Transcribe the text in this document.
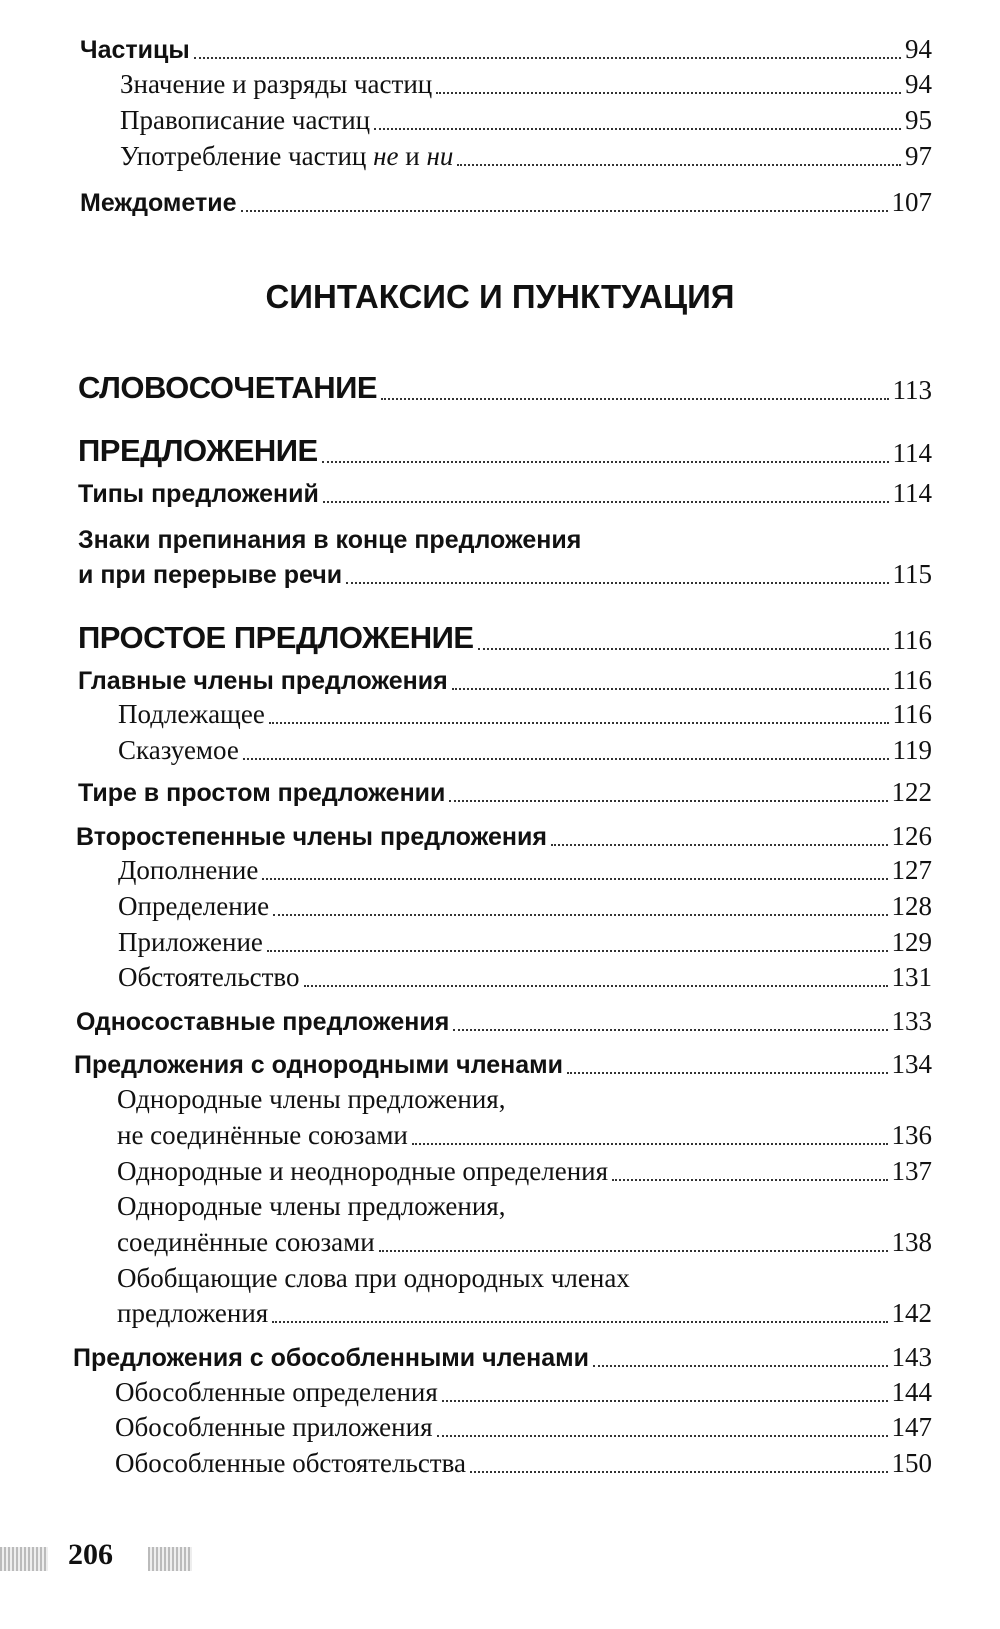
Частицы	94
Значение и разряды частиц	94
Правописание частиц	95
Употребление частиц не и ни	97
Междометие	107
СИНТАКСИС И ПУНКТУАЦИЯ
СЛОВОСОЧЕТАНИЕ	113
ПРЕДЛОЖЕНИЕ	114
Типы предложений	114
Знаки препинания в конце предложения
и при перерыве речи	115
ПРОСТОЕ ПРЕДЛОЖЕНИЕ	116
Главные члены предложения	116
Подлежащее	116
Сказуемое	119
Тире в простом предложении	122
Второстепенные члены предложения	126
Дополнение	127
Определение	128
Приложение	129
Обстоятельство	131
Односоставные предложения	133
Предложения с однородными членами	134
Однородные члены предложения,
не соединённые союзами	136
Однородные и неоднородные определения	137
Однородные члены предложения,
соединённые союзами	138
Обобщающие слова при однородных членах
предложения	142
Предложения с обособленными членами	143
Обособленные определения	144
Обособленные приложения	147
Обособленные обстоятельства	150
206
